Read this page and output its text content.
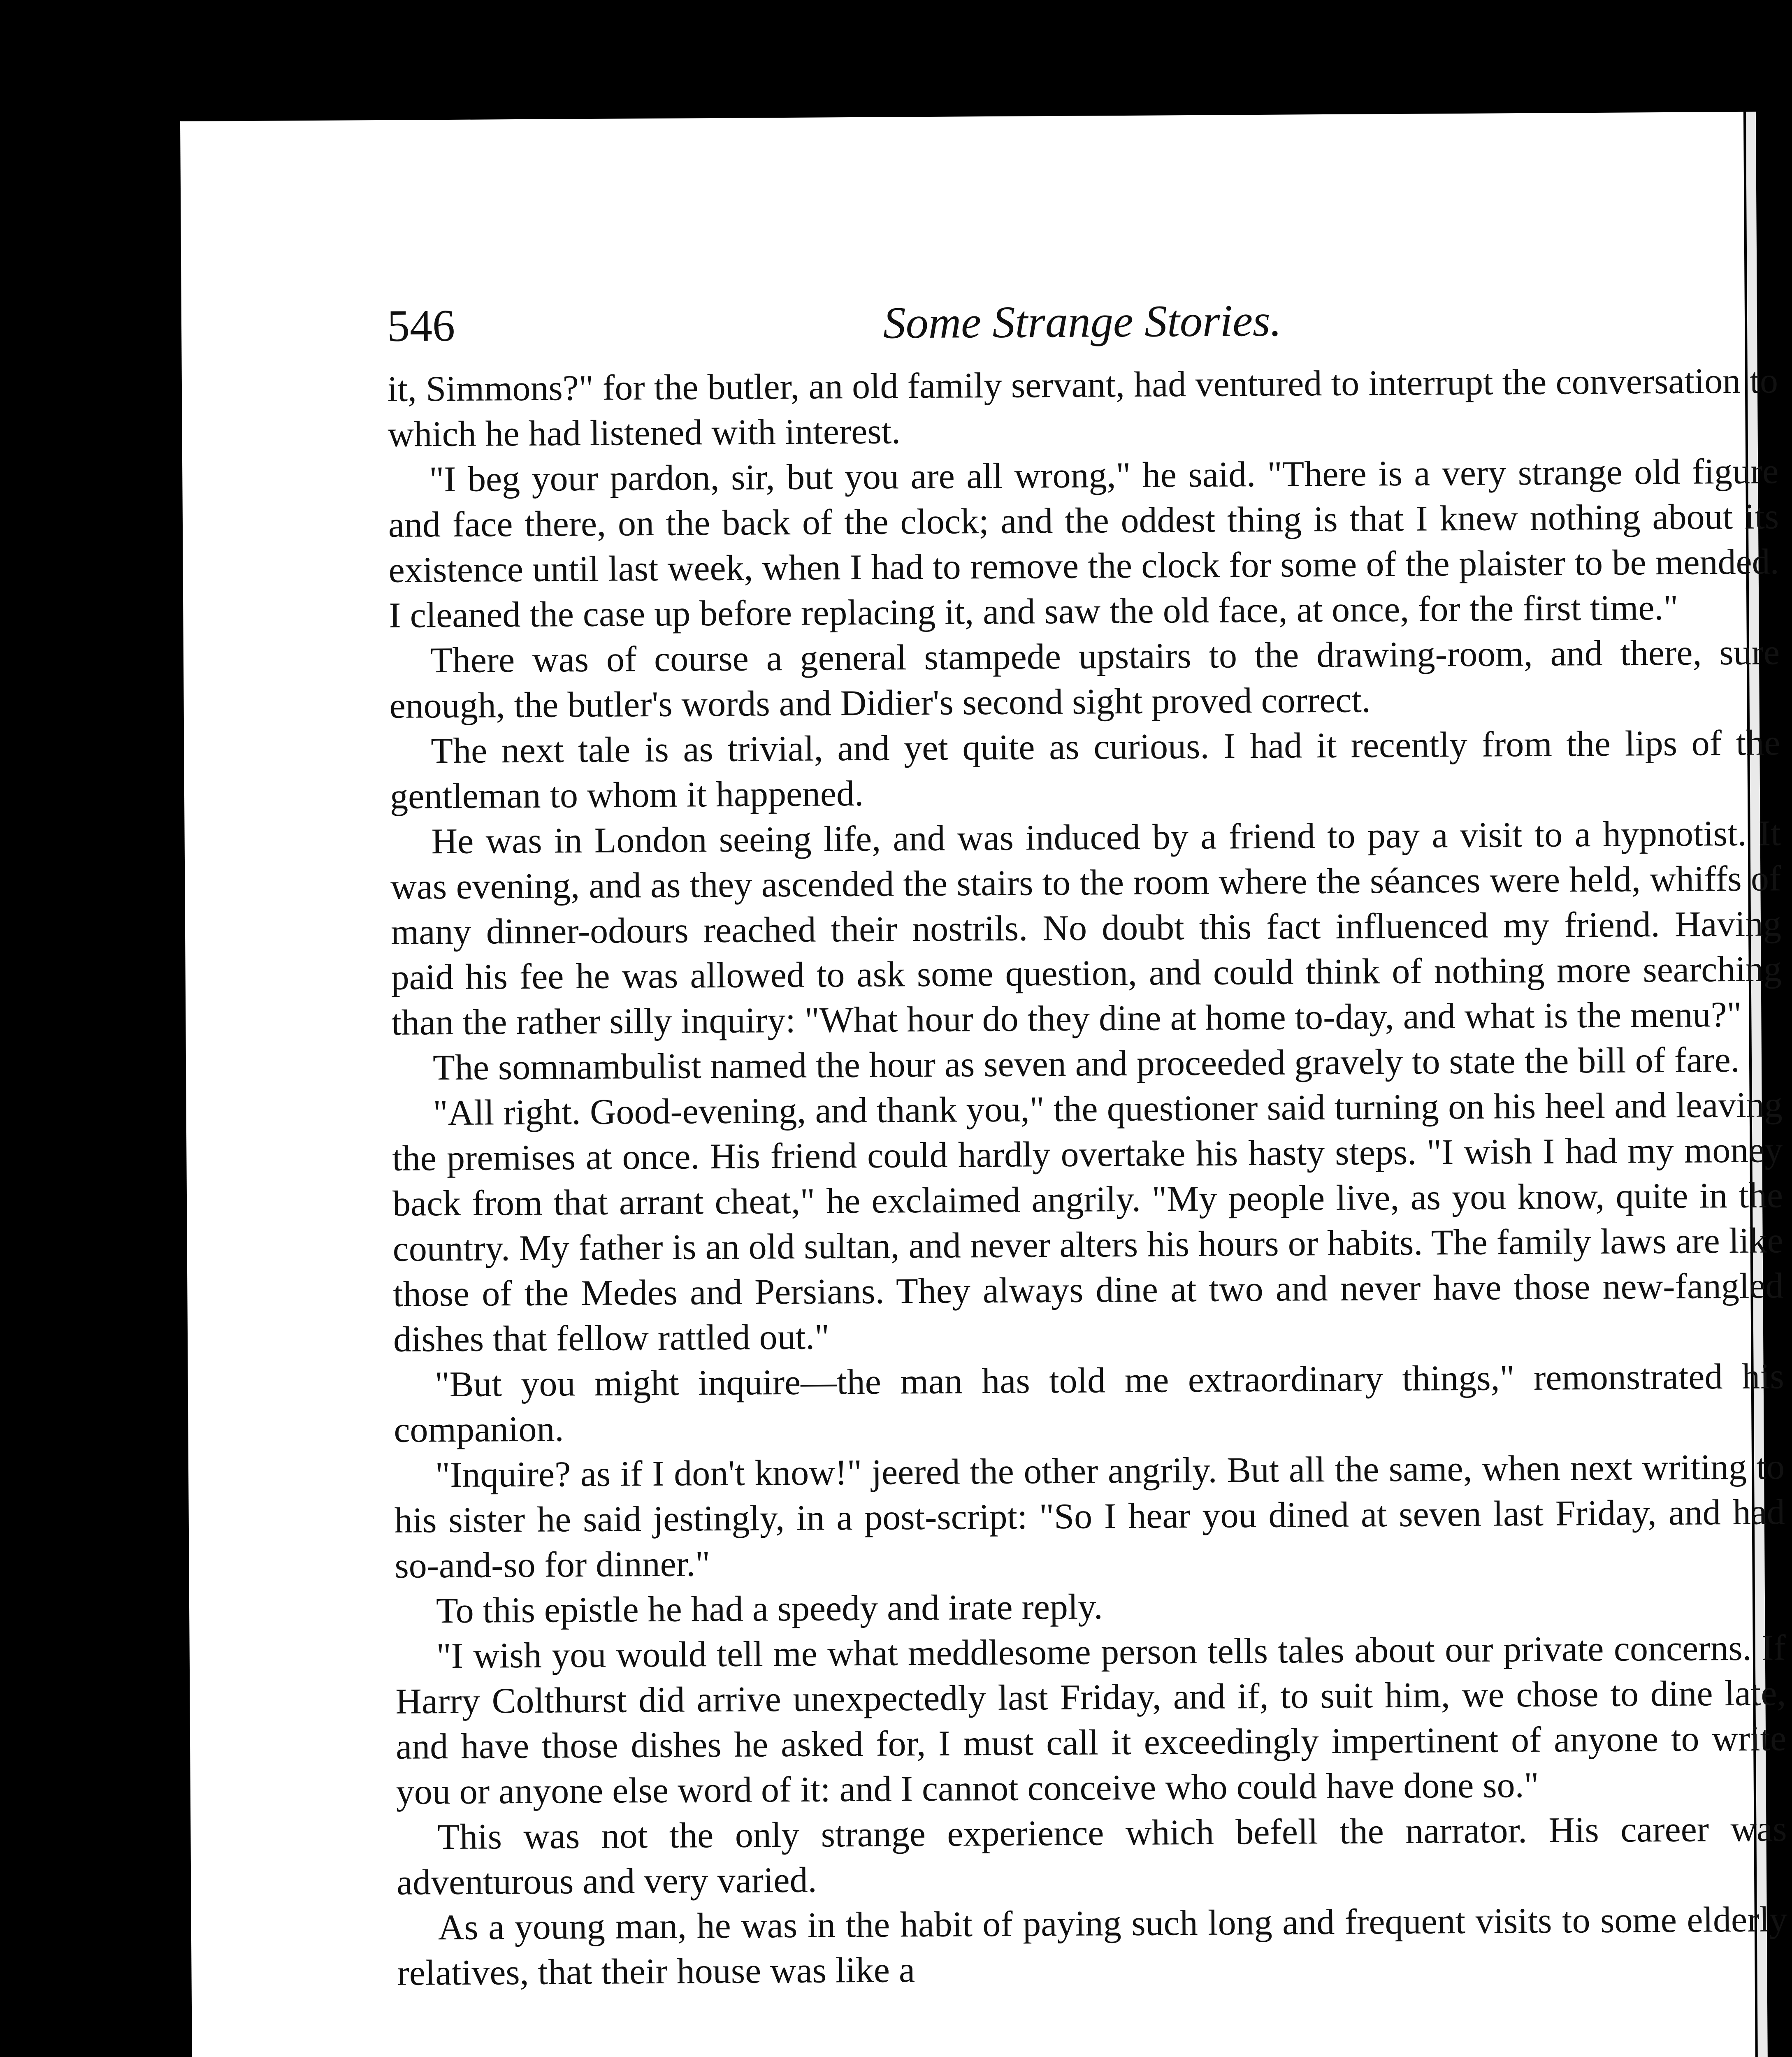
546	Some Strange Stories.

it, Simmons?" for the butler, an old family servant, had ventured to interrupt the conversation to which he had listened with interest.

"I beg your pardon, sir, but you are all wrong," he said. "There is a very strange old figure and face there, on the back of the clock; and the oddest thing is that I knew nothing about its existence until last week, when I had to remove the clock for some of the plaister to be mended. I cleaned the case up before replacing it, and saw the old face, at once, for the first time."

There was of course a general stampede upstairs to the drawing-room, and there, sure enough, the butler's words and Didier's second sight proved correct.

The next tale is as trivial, and yet quite as curious. I had it recently from the lips of the gentleman to whom it happened.

He was in London seeing life, and was induced by a friend to pay a visit to a hypnotist. It was evening, and as they ascended the stairs to the room where the séances were held, whiffs of many dinner-odours reached their nostrils. No doubt this fact influenced my friend. Having paid his fee he was allowed to ask some question, and could think of nothing more searching than the rather silly inquiry: "What hour do they dine at home to-day, and what is the menu?"

The somnambulist named the hour as seven and proceeded gravely to state the bill of fare.

"All right. Good-evening, and thank you," the questioner said turning on his heel and leaving the premises at once. His friend could hardly overtake his hasty steps. "I wish I had my money back from that arrant cheat," he exclaimed angrily. "My people live, as you know, quite in the country. My father is an old sultan, and never alters his hours or habits. The family laws are like those of the Medes and Persians. They always dine at two and never have those new-fangled dishes that fellow rattled out."

"But you might inquire—the man has told me extraordinary things," remonstrated his companion.

"Inquire? as if I don't know!" jeered the other angrily. But all the same, when next writing to his sister he said jestingly, in a post-script: "So I hear you dined at seven last Friday, and had so-and-so for dinner."

To this epistle he had a speedy and irate reply.

"I wish you would tell me what meddlesome person tells tales about our private concerns. If Harry Colthurst did arrive unexpectedly last Friday, and if, to suit him, we chose to dine late, and have those dishes he asked for, I must call it exceedingly impertinent of anyone to write you or anyone else word of it: and I cannot conceive who could have done so."

This was not the only strange experience which befell the narrator. His career was adventurous and very varied.

As a young man, he was in the habit of paying such long and frequent visits to some elderly relatives, that their house was like a
